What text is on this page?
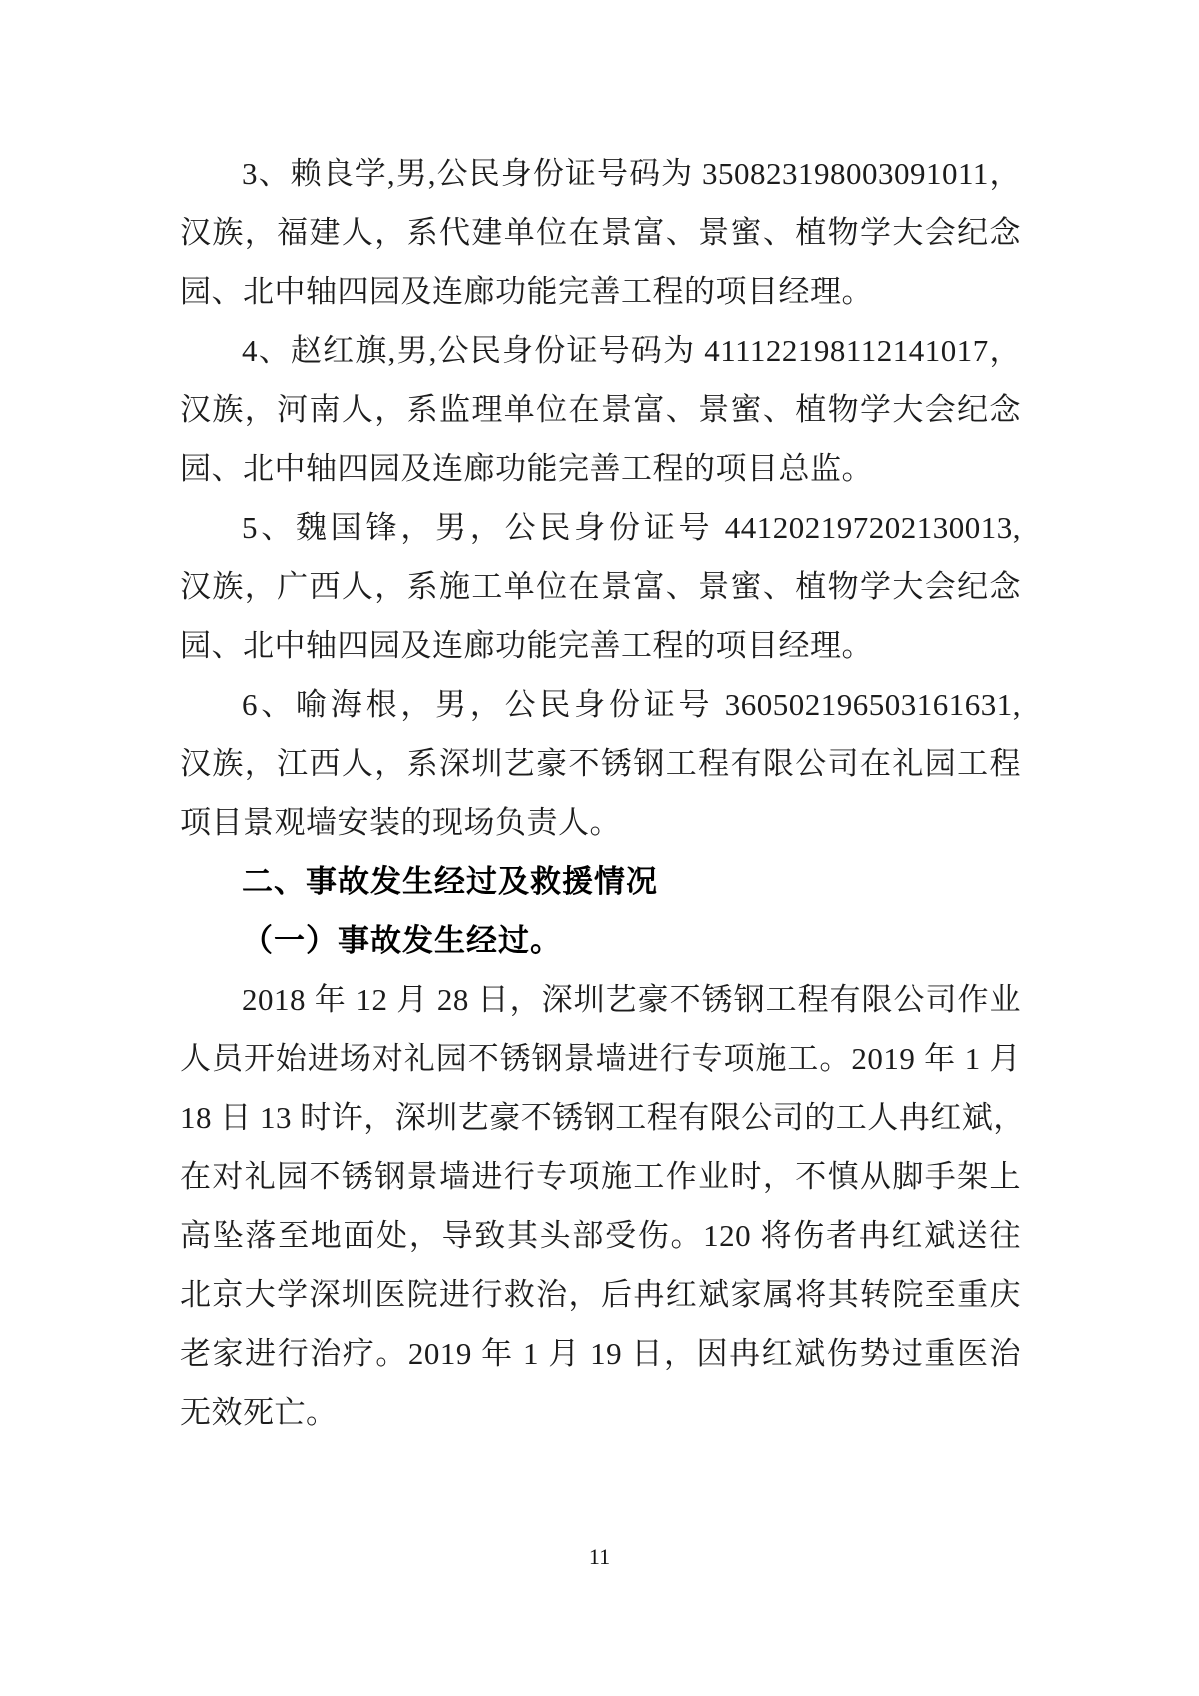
3、赖良学,男,公民身份证号码为 350823198003091011，
汉族，福建人，系代建单位在景富、景蜜、植物学大会纪念
园、北中轴四园及连廊功能完善工程的项目经理。
4、赵红旗,男,公民身份证号码为 411122198112141017，
汉族，河南人，系监理单位在景富、景蜜、植物学大会纪念
园、北中轴四园及连廊功能完善工程的项目总监。
5、魏国锋，男，公民身份证号 441202197202130013,
汉族，广西人，系施工单位在景富、景蜜、植物学大会纪念
园、北中轴四园及连廊功能完善工程的项目经理。
6、喻海根，男，公民身份证号 360502196503161631,
汉族，江西人，系深圳艺豪不锈钢工程有限公司在礼园工程
项目景观墙安装的现场负责人。
二、事故发生经过及救援情况
（一）事故发生经过。
2018 年 12 月 28 日，深圳艺豪不锈钢工程有限公司作业
人员开始进场对礼园不锈钢景墙进行专项施工。2019 年 1 月
18 日 13 时许，深圳艺豪不锈钢工程有限公司的工人冉红斌，
在对礼园不锈钢景墙进行专项施工作业时，不慎从脚手架上
高坠落至地面处，导致其头部受伤。120 将伤者冉红斌送往
北京大学深圳医院进行救治，后冉红斌家属将其转院至重庆
老家进行治疗。2019 年 1 月 19 日，因冉红斌伤势过重医治
无效死亡。
11
